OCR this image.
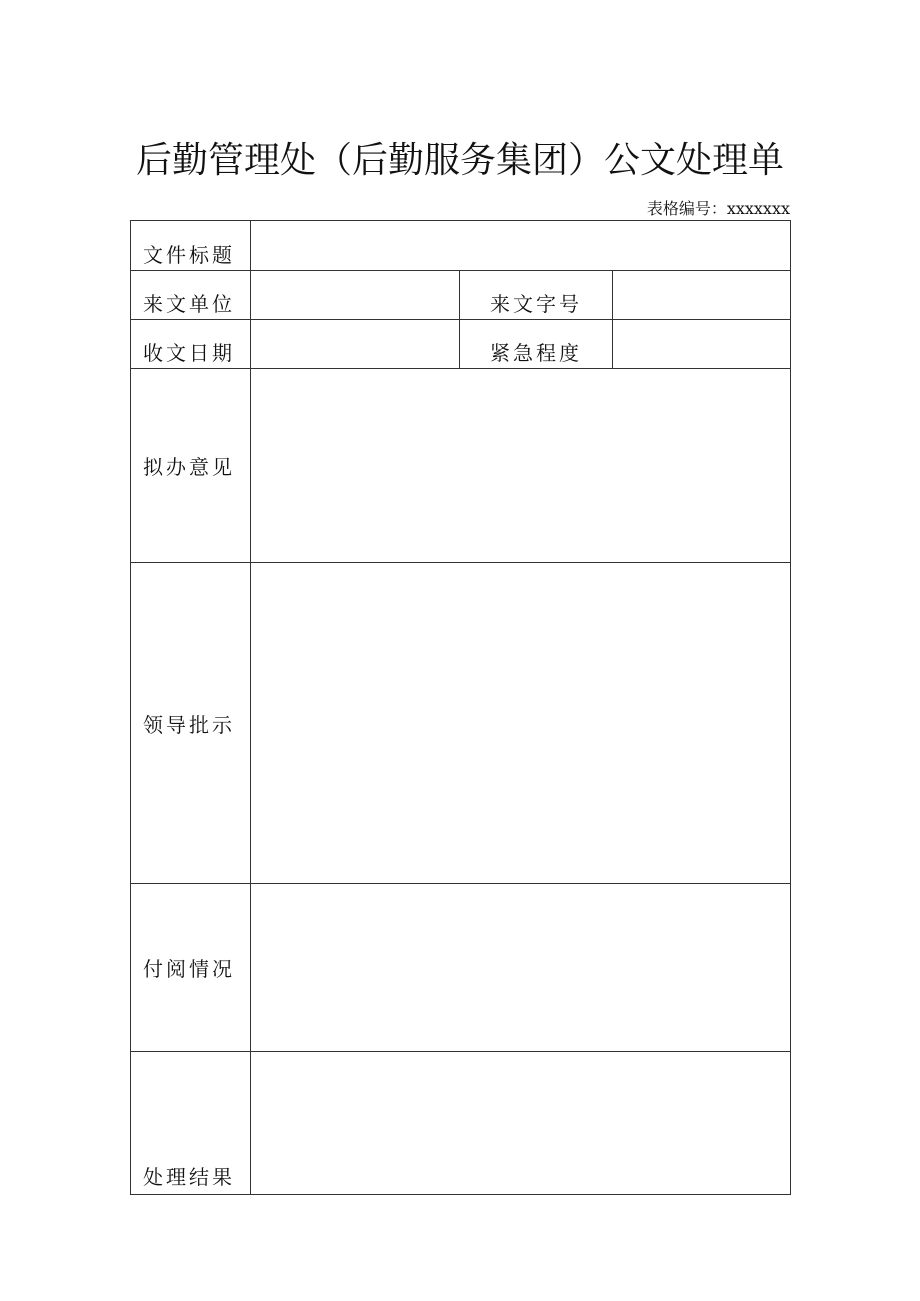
后勤管理处（后勤服务集团）公文处理单
表格编号：xxxxxxx
文件标题			
来文单位		来文字号	
收文日期		紧急程度	
拟办意见			
领导批示			
付阅情况			
处理结果			
